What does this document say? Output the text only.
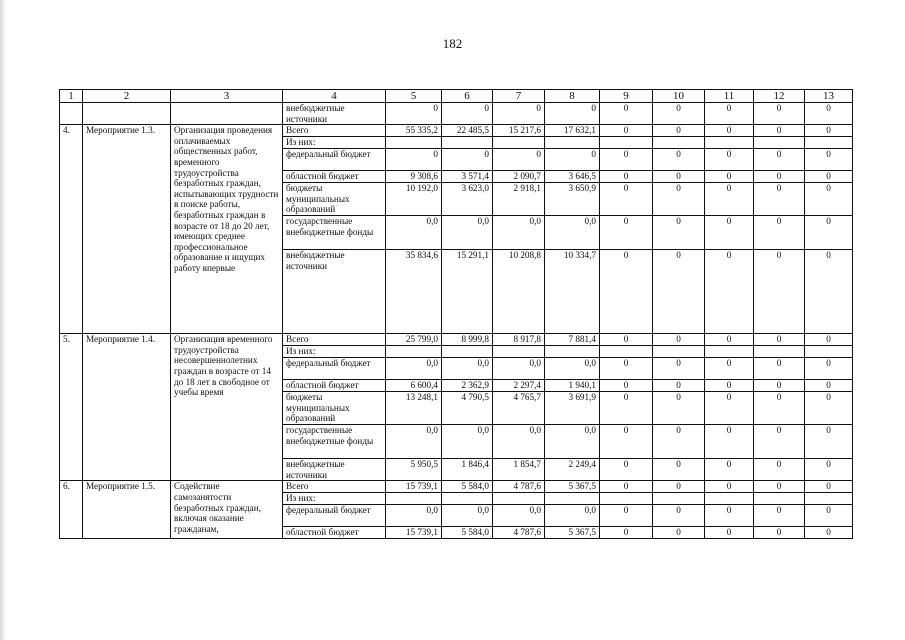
182
1	2	3	4	5	6	7	8	9	10	11	12	13
			внебюджетные источники	0	0	0	0	0	0	0	0	0
4.	Мероприятие 1.3.	Организация проведения оплачиваемых общественных работ, временного трудоустройства безработных граждан, испытывающих трудности в поиске работы, безработных граждан в возрасте от 18 до 20 лет, имеющих среднее профессиональное образование и ищущих работу впервые	Всего	55 335,2	22 485,5	15 217,6	17 632,1	0	0	0	0	0
			Из них:									
			федеральный бюджет	0	0	0	0	0	0	0	0	0
			областной бюджет	9 308,6	3 571,4	2 090,7	3 646,5	0	0	0	0	0
			бюджеты муниципальных образований	10 192,0	3 623,0	2 918,1	3 650,9	0	0	0	0	0
			государственные внебюджетные фонды	0,0	0,0	0,0	0,0	0	0	0	0	0
			внебюджетные источники	35 834,6	15 291,1	10 208,8	10 334,7	0	0	0	0	0
5.	Мероприятие 1.4.	Организация временного трудоустройства несовершеннолетних граждан в возрасте от 14 до 18 лет в свободное от учебы время	Всего	25 799,0	8 999,8	8 917,8	7 881,4	0	0	0	0	0
			Из них:									
			федеральный бюджет	0,0	0,0	0,0	0,0	0	0	0	0	0
			областной бюджет	6 600,4	2 362,9	2 297,4	1 940,1	0	0	0	0	0
			бюджеты муниципальных образований	13 248,1	4 790,5	4 765,7	3 691,9	0	0	0	0	0
			государственные внебюджетные фонды	0,0	0,0	0,0	0,0	0	0	0	0	0
			внебюджетные источники	5 950,5	1 846,4	1 854,7	2 249,4	0	0	0	0	0
6.	Мероприятие 1.5.	Содействие самозанятости безработных граждан, включая оказание гражданам,	Всего	15 739,1	5 584,0	4 787,6	5 367,5	0	0	0	0	0
			Из них:									
			федеральный бюджет	0,0	0,0	0,0	0,0	0	0	0	0	0
			областной бюджет	15 739,1	5 584,0	4 787,6	5 367,5	0	0	0	0	0
